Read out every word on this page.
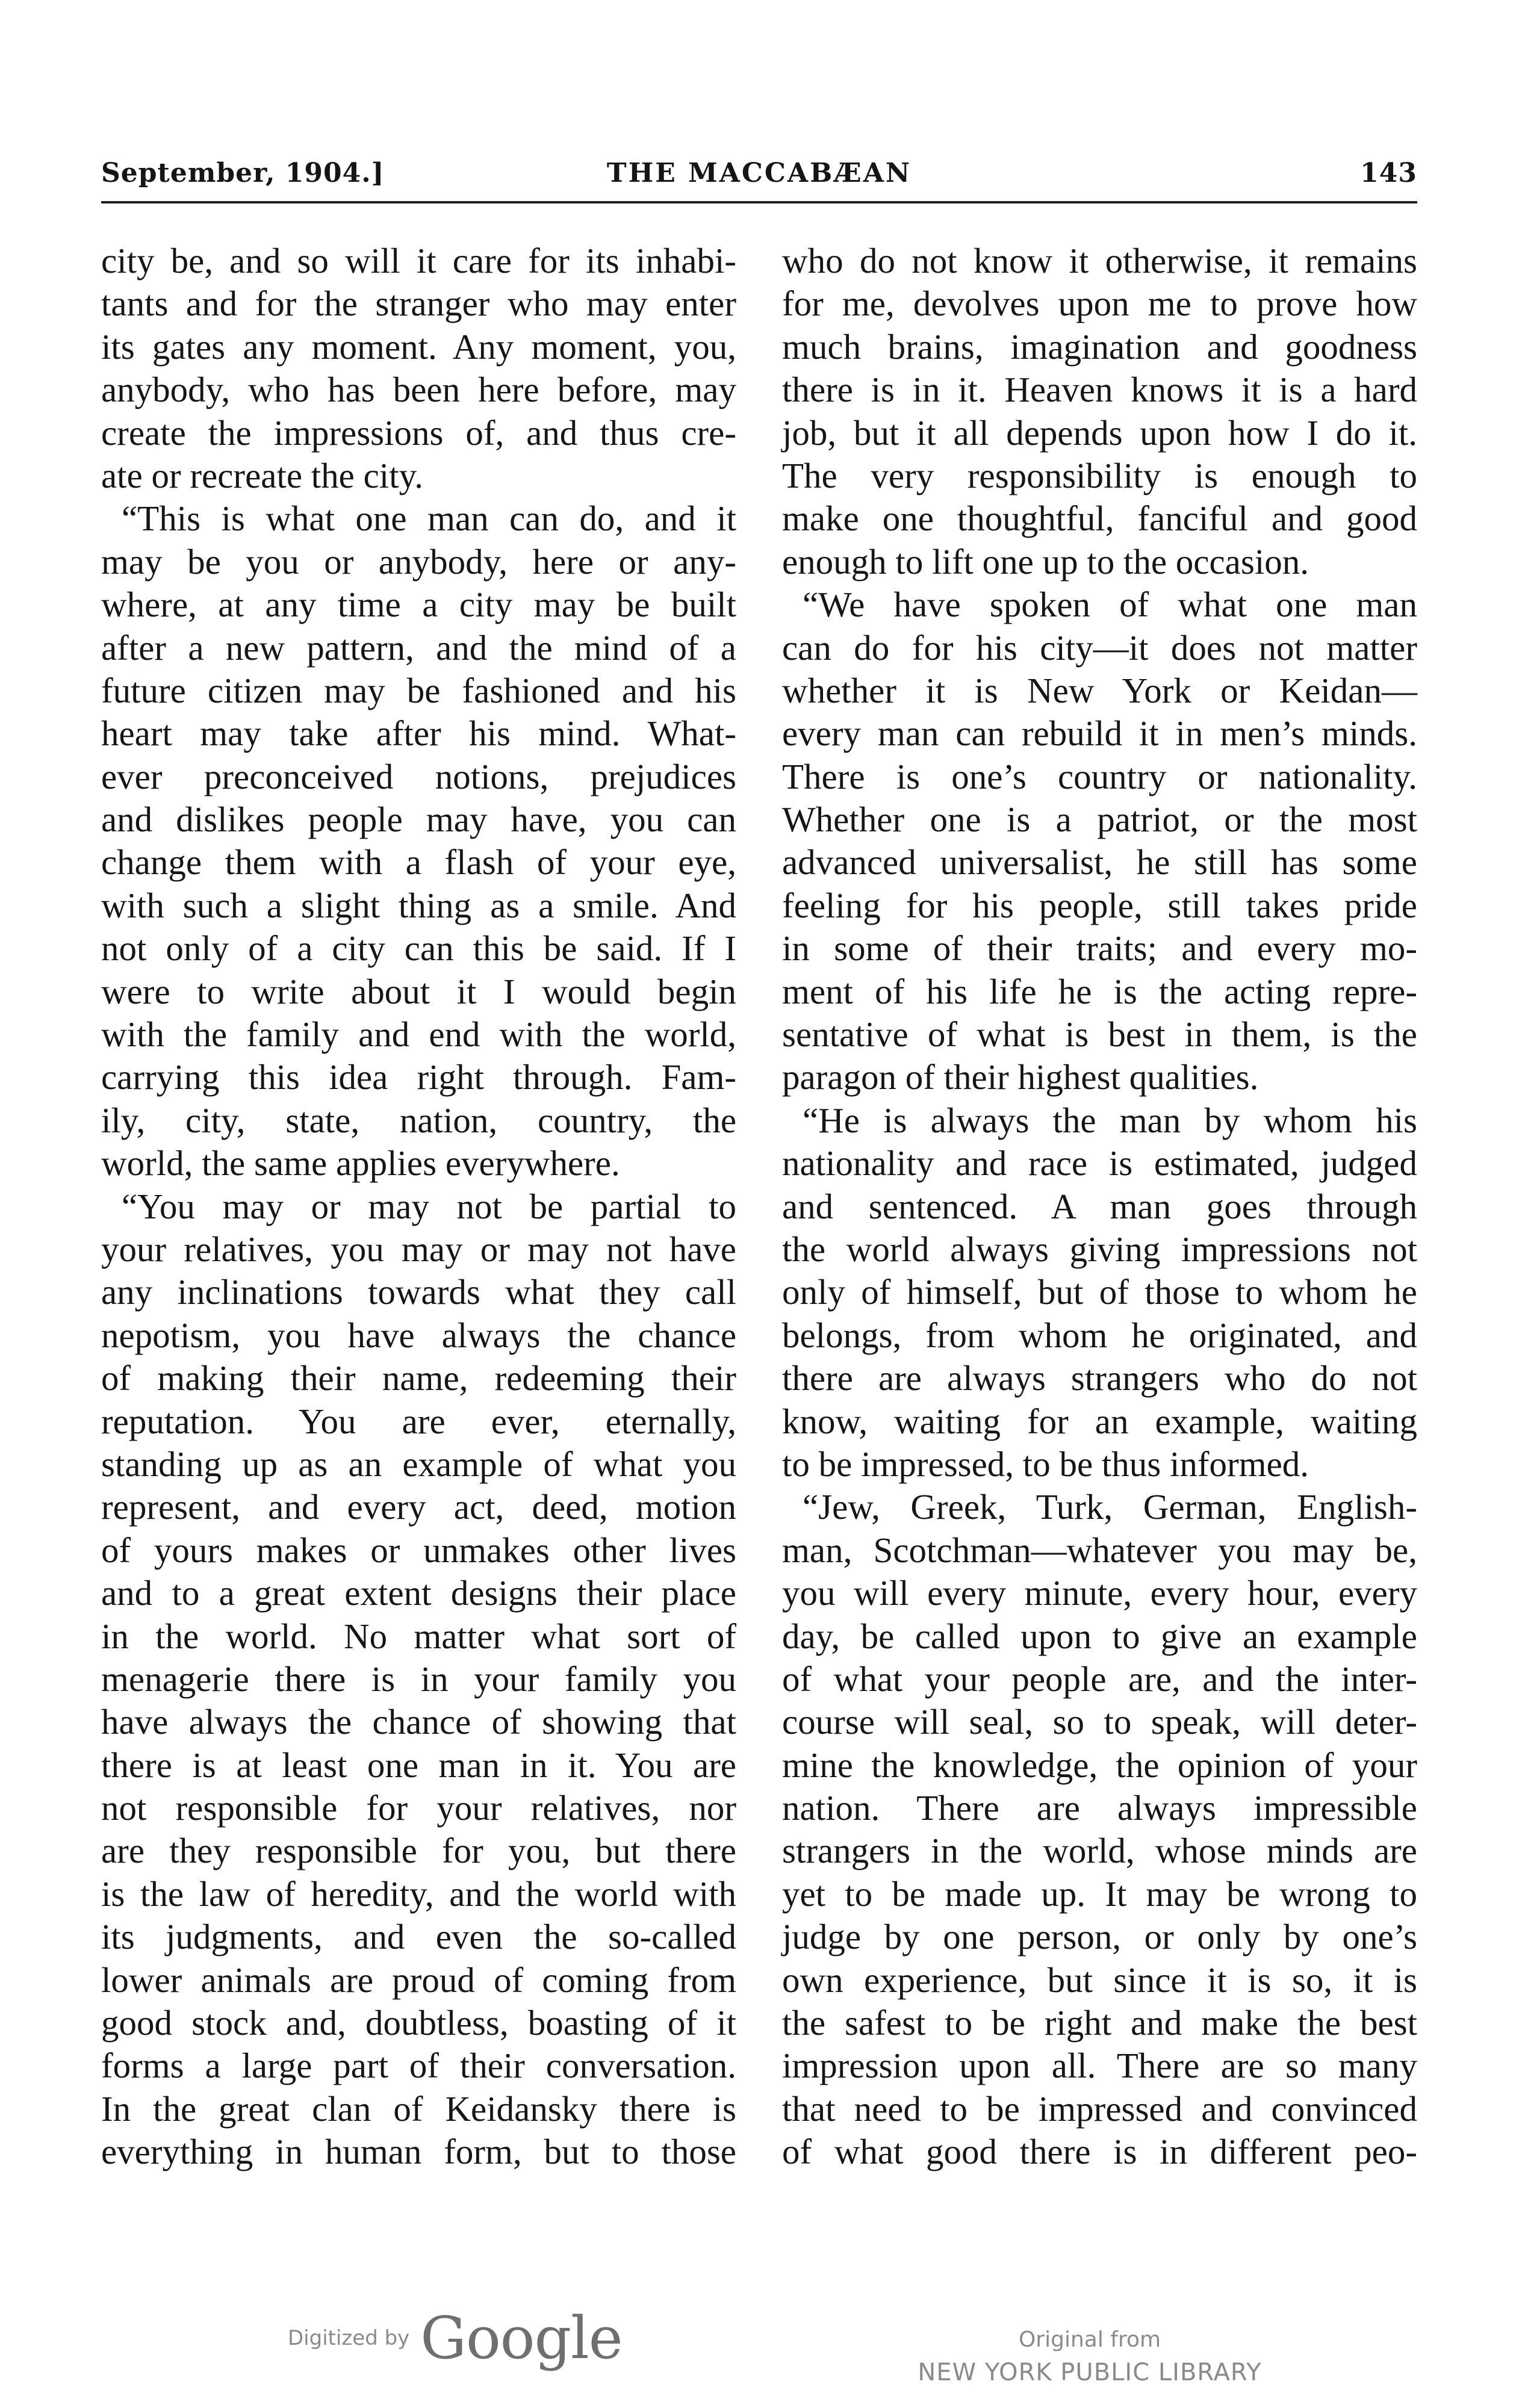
September, 1904.]	THE MACCABÆAN	143
city be, and so will it care for its inhabi-
tants and for the stranger who may enter
its gates any moment. Any moment, you,
anybody, who has been here before, may
create the impressions of, and thus cre-
ate or recreate the city.
“This is what one man can do, and it
may be you or anybody, here or any-
where, at any time a city may be built
after a new pattern, and the mind of a
future citizen may be fashioned and his
heart may take after his mind. What-
ever preconceived notions, prejudices
and dislikes people may have, you can
change them with a flash of your eye,
with such a slight thing as a smile. And
not only of a city can this be said. If I
were to write about it I would begin
with the family and end with the world,
carrying this idea right through. Fam-
ily, city, state, nation, country, the
world, the same applies everywhere.
“You may or may not be partial to
your relatives, you may or may not have
any inclinations towards what they call
nepotism, you have always the chance
of making their name, redeeming their
reputation. You are ever, eternally,
standing up as an example of what you
represent, and every act, deed, motion
of yours makes or unmakes other lives
and to a great extent designs their place
in the world. No matter what sort of
menagerie there is in your family you
have always the chance of showing that
there is at least one man in it. You are
not responsible for your relatives, nor
are they responsible for you, but there
is the law of heredity, and the world with
its judgments, and even the so-called
lower animals are proud of coming from
good stock and, doubtless, boasting of it
forms a large part of their conversation.
In the great clan of Keidansky there is
everything in human form, but to those
who do not know it otherwise, it remains
for me, devolves upon me to prove how
much brains, imagination and goodness
there is in it. Heaven knows it is a hard
job, but it all depends upon how I do it.
The very responsibility is enough to
make one thoughtful, fanciful and good
enough to lift one up to the occasion.
“We have spoken of what one man
can do for his city—it does not matter
whether it is New York or Keidan—
every man can rebuild it in men’s minds.
There is one’s country or nationality.
Whether one is a patriot, or the most
advanced universalist, he still has some
feeling for his people, still takes pride
in some of their traits; and every mo-
ment of his life he is the acting repre-
sentative of what is best in them, is the
paragon of their highest qualities.
“He is always the man by whom his
nationality and race is estimated, judged
and sentenced. A man goes through
the world always giving impressions not
only of himself, but of those to whom he
belongs, from whom he originated, and
there are always strangers who do not
know, waiting for an example, waiting
to be impressed, to be thus informed.
“Jew, Greek, Turk, German, English-
man, Scotchman—whatever you may be,
you will every minute, every hour, every
day, be called upon to give an example
of what your people are, and the inter-
course will seal, so to speak, will deter-
mine the knowledge, the opinion of your
nation. There are always impressible
strangers in the world, whose minds are
yet to be made up. It may be wrong to
judge by one person, or only by one’s
own experience, but since it is so, it is
the safest to be right and make the best
impression upon all. There are so many
that need to be impressed and convinced
of what good there is in different peo-
Digitized by Google	Original from
NEW YORK PUBLIC LIBRARY
